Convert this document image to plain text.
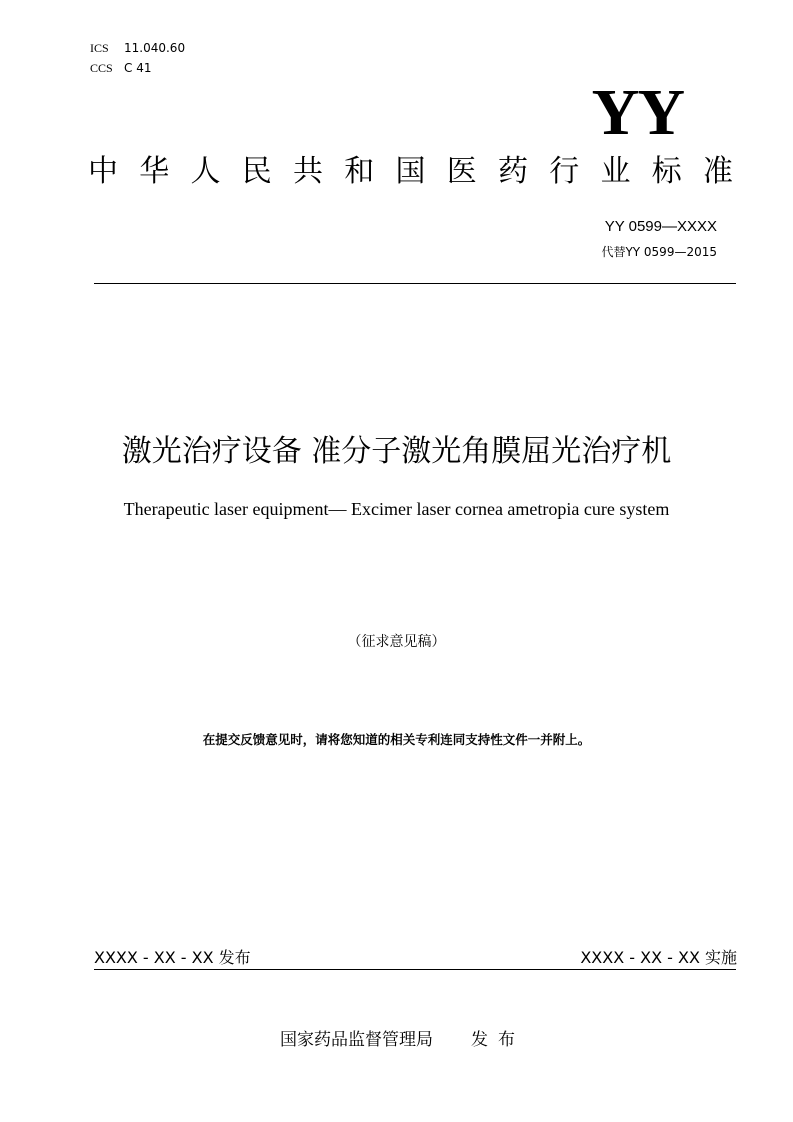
ICS 11.040.60
CCS C 41
YY
中 华 人 民 共 和 国 医 药 行 业 标 准
YY 0599—XXXX
代替YY 0599—2015
激光治疗设备 准分子激光角膜屈光治疗机
Therapeutic laser equipment— Excimer laser cornea ametropia cure system
（征求意见稿）
在提交反馈意见时，请将您知道的相关专利连同支持性文件一并附上。
XXXX - XX - XX 发布	XXXX - XX - XX 实施
国家药品监督管理局 发布
